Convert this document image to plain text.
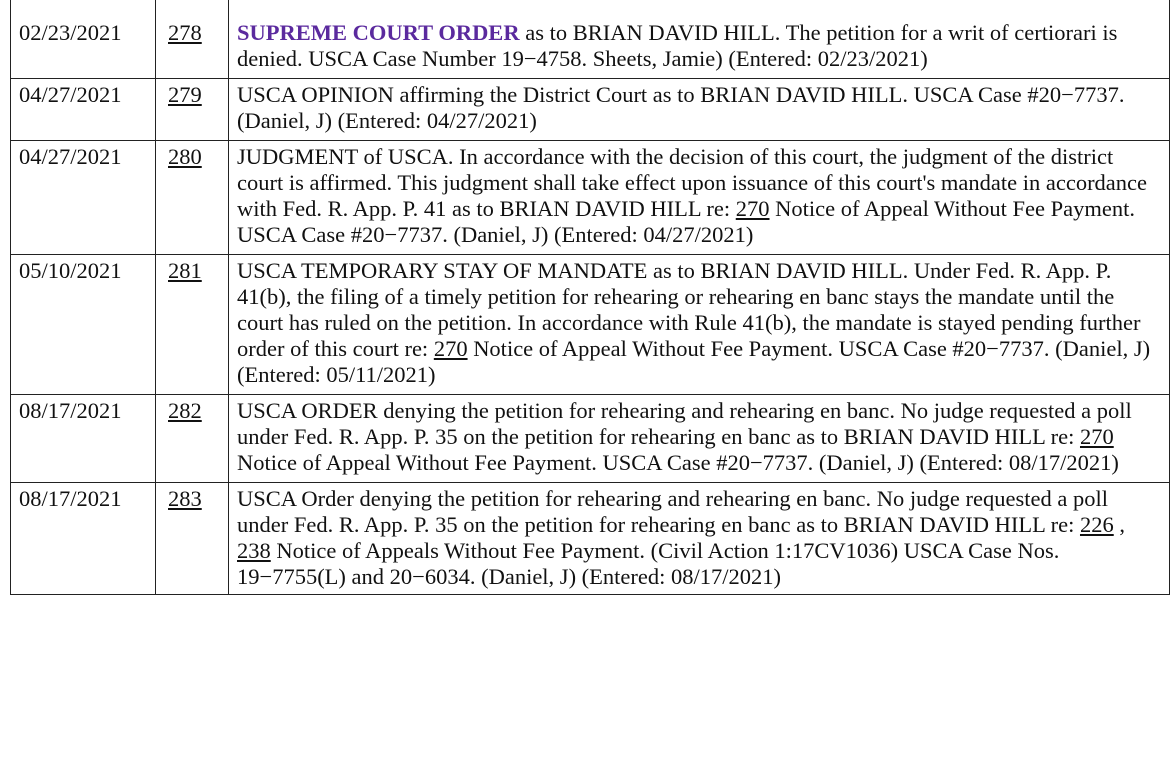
02/23/2021	278	SUPREME COURT ORDER as to BRIAN DAVID HILL. The petition for a writ of certiorari is denied. USCA Case Number 19−4758. Sheets, Jamie) (Entered: 02/23/2021)
04/27/2021	279	USCA OPINION affirming the District Court as to BRIAN DAVID HILL. USCA Case #20−7737. (Daniel, J) (Entered: 04/27/2021)
04/27/2021	280	JUDGMENT of USCA. In accordance with the decision of this court, the judgment of the district court is affirmed. This judgment shall take effect upon issuance of this court's mandate in accordance with Fed. R. App. P. 41 as to BRIAN DAVID HILL re: 270 Notice of Appeal Without Fee Payment. USCA Case #20−7737. (Daniel, J) (Entered: 04/27/2021)
05/10/2021	281	USCA TEMPORARY STAY OF MANDATE as to BRIAN DAVID HILL. Under Fed. R. App. P. 41(b), the filing of a timely petition for rehearing or rehearing en banc stays the mandate until the court has ruled on the petition. In accordance with Rule 41(b), the mandate is stayed pending further order of this court re: 270 Notice of Appeal Without Fee Payment. USCA Case #20−7737. (Daniel, J) (Entered: 05/11/2021)
08/17/2021	282	USCA ORDER denying the petition for rehearing and rehearing en banc. No judge requested a poll under Fed. R. App. P. 35 on the petition for rehearing en banc as to BRIAN DAVID HILL re: 270 Notice of Appeal Without Fee Payment. USCA Case #20−7737. (Daniel, J) (Entered: 08/17/2021)
08/17/2021	283	USCA Order denying the petition for rehearing and rehearing en banc. No judge requested a poll under Fed. R. App. P. 35 on the petition for rehearing en banc as to BRIAN DAVID HILL re: 226 , 238 Notice of Appeals Without Fee Payment. (Civil Action 1:17CV1036) USCA Case Nos. 19−7755(L) and 20−6034. (Daniel, J) (Entered: 08/17/2021)
